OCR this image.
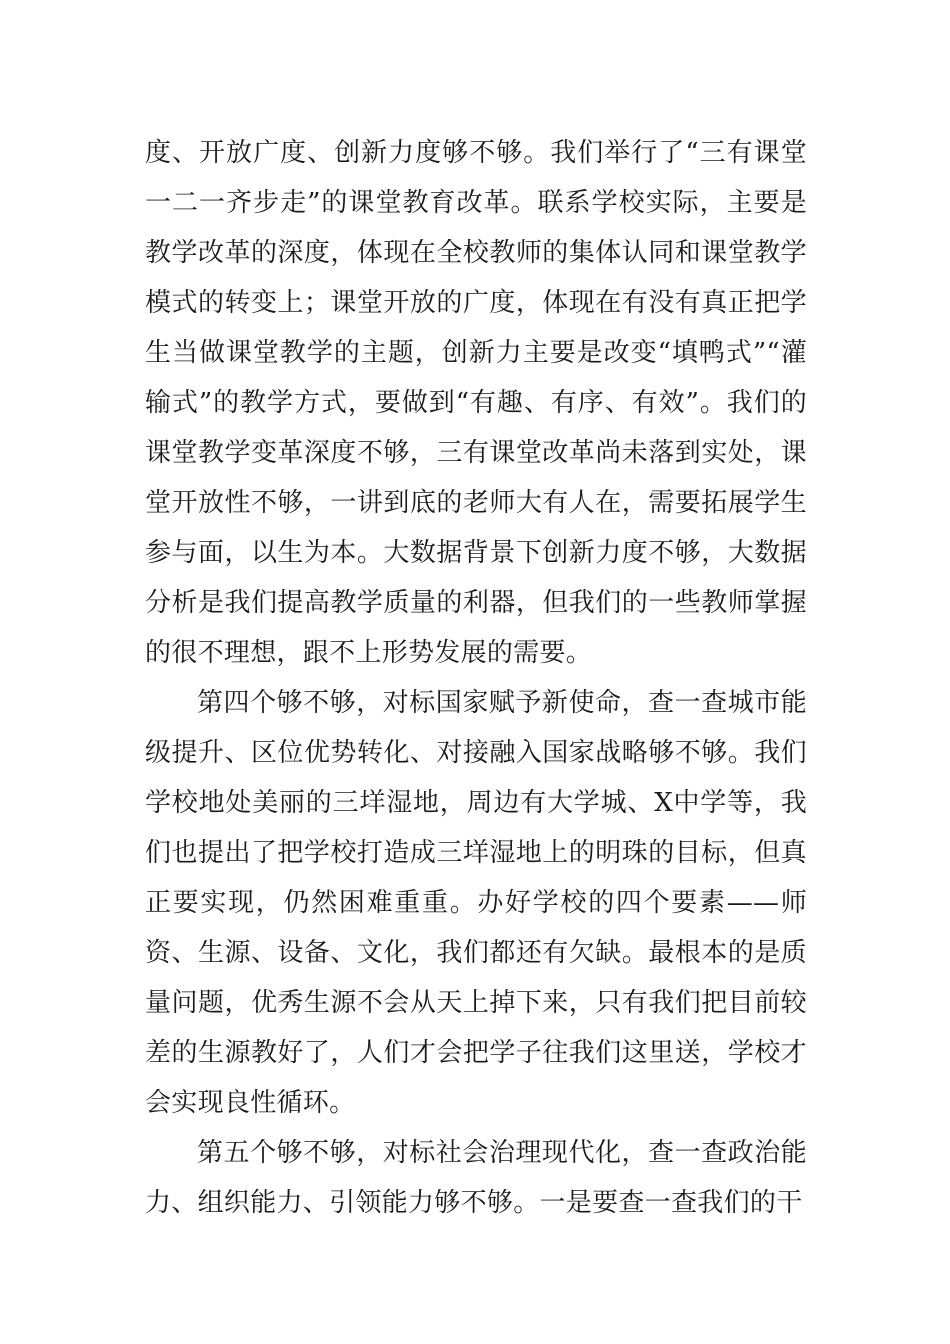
度、开放广度、创新力度够不够。我们举行了“三有课堂一二一齐步走”的课堂教育改革。联系学校实际，主要是教学改革的深度，体现在全校教师的集体认同和课堂教学模式的转变上；课堂开放的广度，体现在有没有真正把学生当做课堂教学的主题，创新力主要是改变“填鸭式”“灌输式”的教学方式，要做到“有趣、有序、有效”。我们的课堂教学变革深度不够，三有课堂改革尚未落到实处，课堂开放性不够，一讲到底的老师大有人在，需要拓展学生参与面，以生为本。大数据背景下创新力度不够，大数据分析是我们提高教学质量的利器，但我们的一些教师掌握的很不理想，跟不上形势发展的需要。

第四个够不够，对标国家赋予新使命，查一查城市能级提升、区位优势转化、对接融入国家战略够不够。我们学校地处美丽的三垟湿地，周边有大学城、X中学等，我们也提出了把学校打造成三垟湿地上的明珠的目标，但真正要实现，仍然困难重重。办好学校的四个要素——师资、生源、设备、文化，我们都还有欠缺。最根本的是质量问题，优秀生源不会从天上掉下来，只有我们把目前较差的生源教好了，人们才会把学子往我们这里送，学校才会实现良性循环。

第五个够不够，对标社会治理现代化，查一查政治能力、组织能力、引领能力够不够。一是要查一查我们的干
